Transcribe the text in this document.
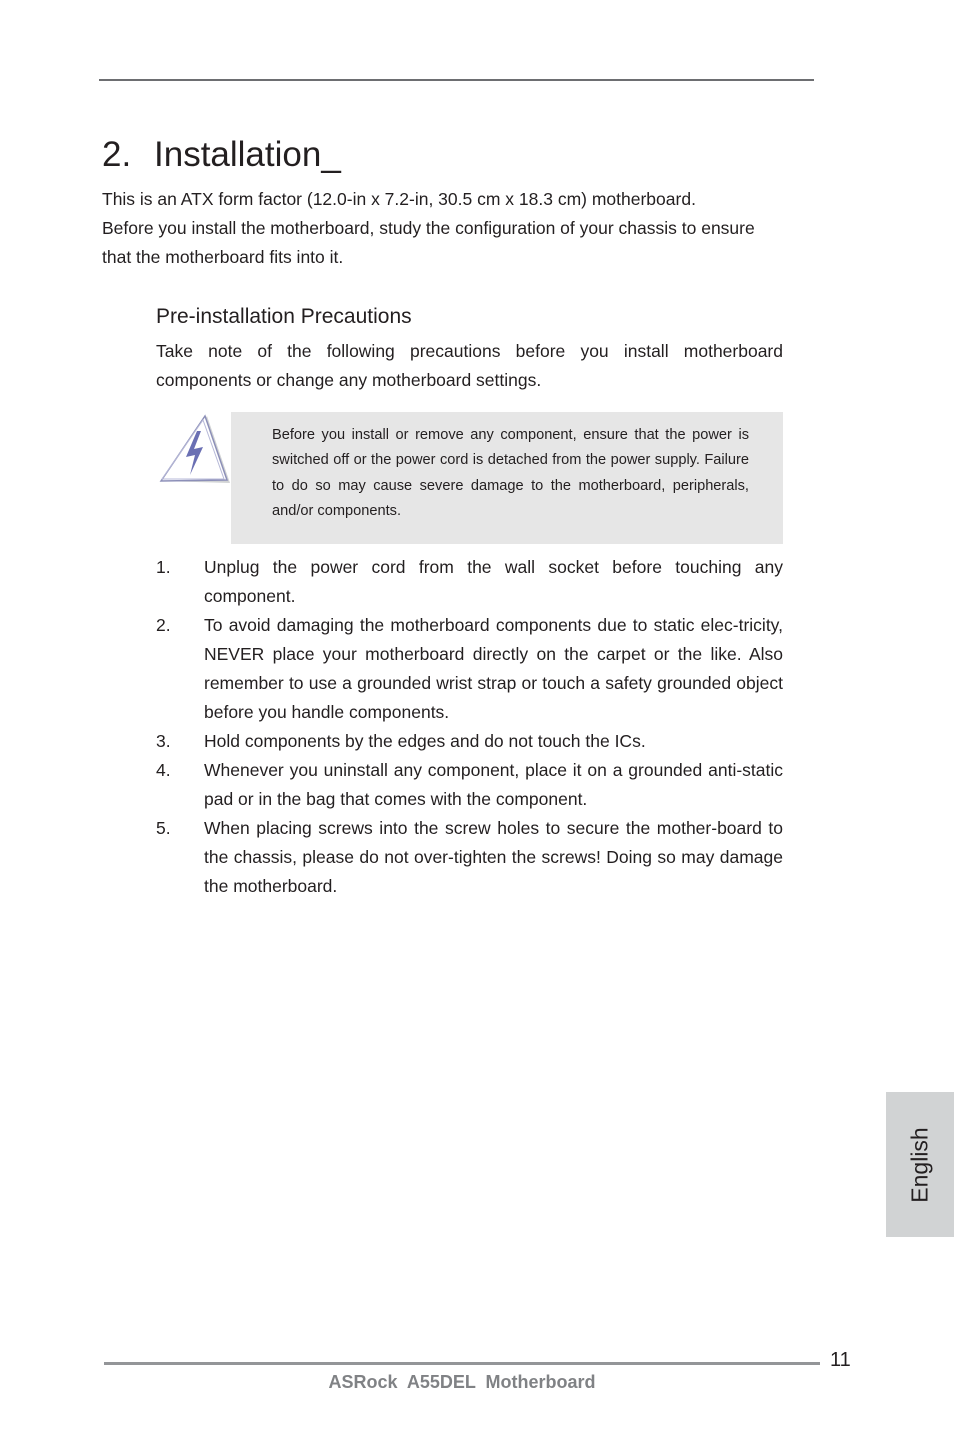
2. Installation_

This is an ATX form factor (12.0-in x 7.2-in, 30.5 cm x 18.3 cm) motherboard.
Before you install the motherboard, study the configuration of your chassis to ensure
that the motherboard fits into it.

Pre-installation Precautions

Take note of the following precautions before you install motherboard components or change any motherboard settings.

Before you install or remove any component, ensure that the power is switched off or the power cord is detached from the power supply. Failure to do so may cause severe damage to the motherboard, peripherals, and/or components.

1. Unplug the power cord from the wall socket before touching any component.
2. To avoid damaging the motherboard components due to static elec-tricity, NEVER place your motherboard directly on the carpet or the like. Also remember to use a grounded wrist strap or touch a safety grounded object before you handle components.
3. Hold components by the edges and do not touch the ICs.
4. Whenever you uninstall any component, place it on a grounded anti-static pad or in the bag that comes with the component.
5. When placing screws into the screw holes to secure the mother-board to the chassis, please do not over-tighten the screws! Doing so may damage the motherboard.
English
11
ASRock  A55DEL  Motherboard
